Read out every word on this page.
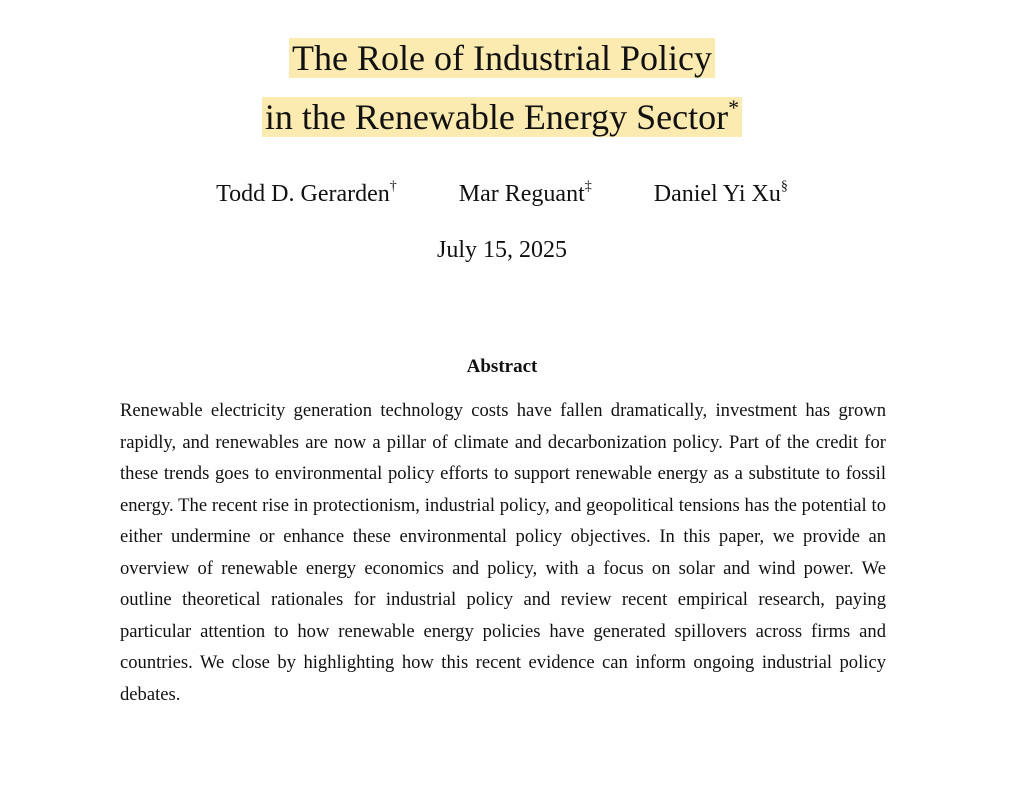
The Role of Industrial Policy
in the Renewable Energy Sector*
Todd D. Gerarden†	Mar Reguant‡	Daniel Yi Xu§
July 15, 2025
Abstract
Renewable electricity generation technology costs have fallen dramatically, investment has grown rapidly, and renewables are now a pillar of climate and decarbonization policy. Part of the credit for these trends goes to environmental policy efforts to support renewable energy as a substitute to fossil energy. The recent rise in protectionism, industrial policy, and geopolitical tensions has the potential to either undermine or enhance these environmental policy objectives. In this paper, we provide an overview of renewable energy economics and policy, with a focus on solar and wind power. We outline theoretical rationales for industrial policy and review recent empirical research, paying particular attention to how renewable energy policies have generated spillovers across firms and countries. We close by highlighting how this recent evidence can inform ongoing industrial policy debates.
